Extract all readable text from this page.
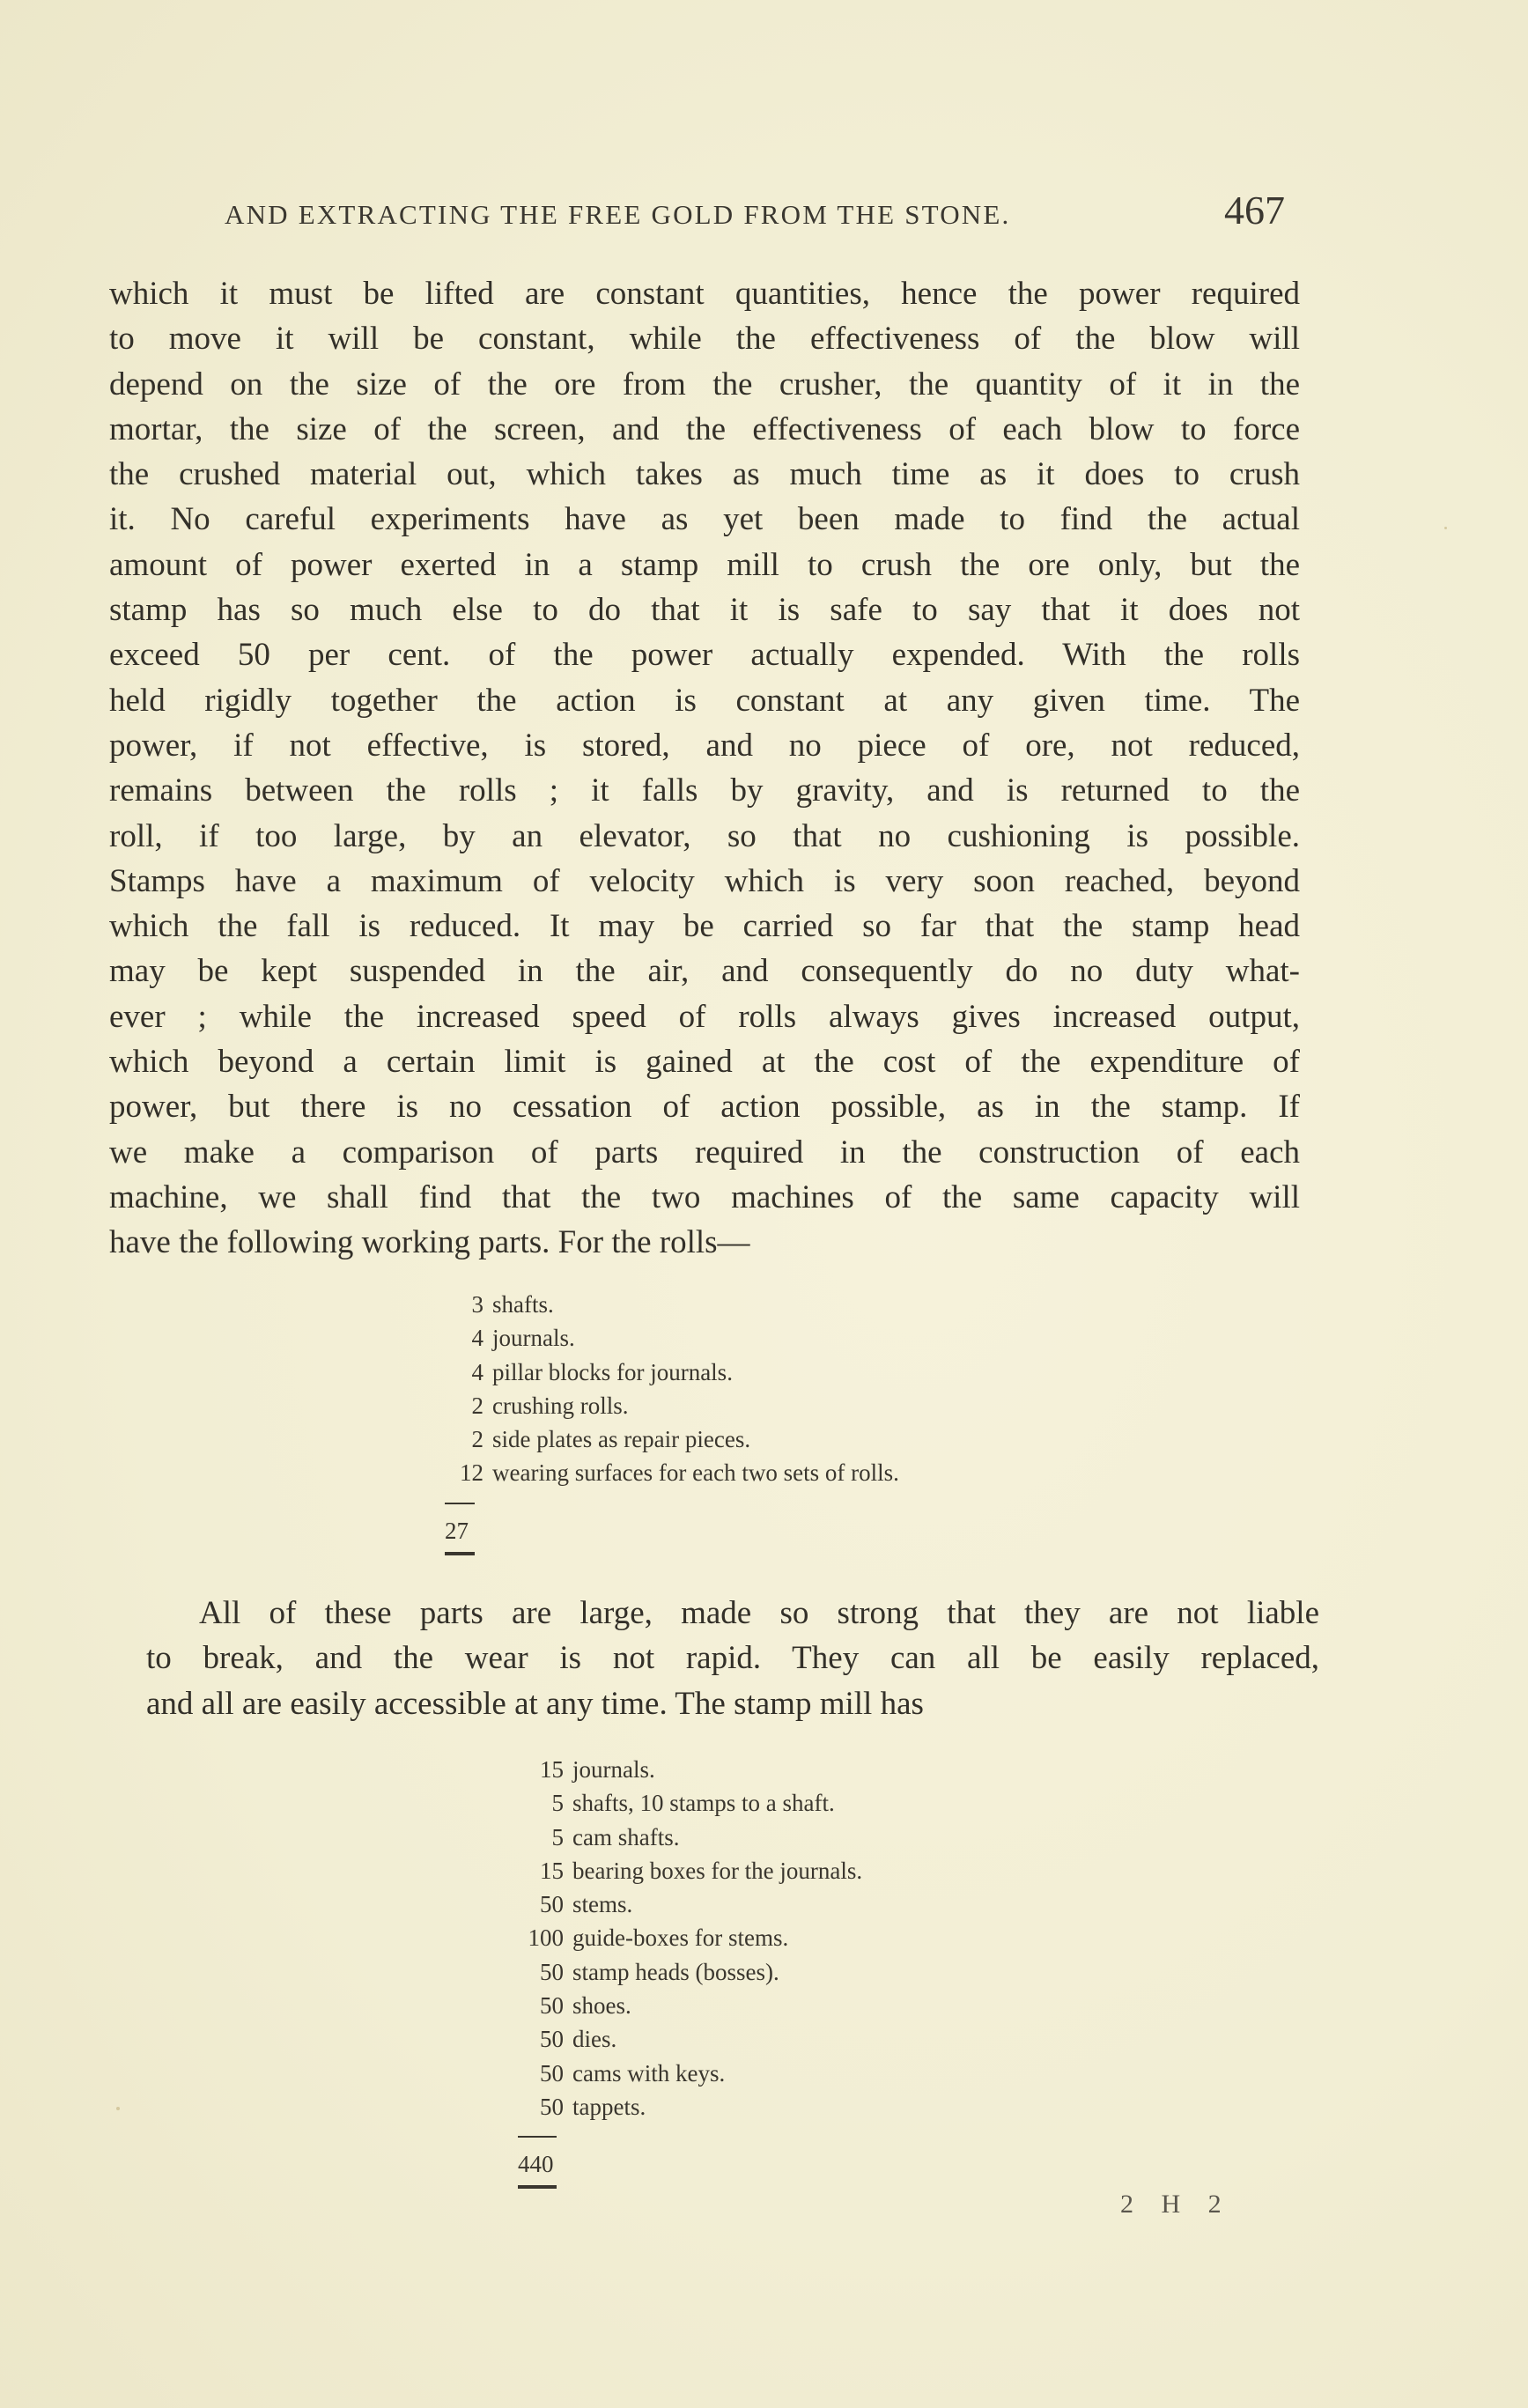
AND EXTRACTING THE FREE GOLD FROM THE STONE.	467
which it must be lifted are constant quantities, hence the power required
to move it will be constant, while the effectiveness of the blow will
depend on the size of the ore from the crusher, the quantity of it in the
mortar, the size of the screen, and the effectiveness of each blow to force
the crushed material out, which takes as much time as it does to crush
it. No careful experiments have as yet been made to find the actual
amount of power exerted in a stamp mill to crush the ore only, but the
stamp has so much else to do that it is safe to say that it does not
exceed 50 per cent. of the power actually expended. With the rolls
held rigidly together the action is constant at any given time. The
power, if not effective, is stored, and no piece of ore, not reduced,
remains between the rolls ; it falls by gravity, and is returned to the
roll, if too large, by an elevator, so that no cushioning is possible.
Stamps have a maximum of velocity which is very soon reached, beyond
which the fall is reduced. It may be carried so far that the stamp head
may be kept suspended in the air, and consequently do no duty what-
ever ; while the increased speed of rolls always gives increased output,
which beyond a certain limit is gained at the cost of the expenditure of
power, but there is no cessation of action possible, as in the stamp. If
we make a comparison of parts required in the construction of each
machine, we shall find that the two machines of the same capacity will
have the following working parts. For the rolls—
3 shafts.
4 journals.
4 pillar blocks for journals.
2 crushing rolls.
2 side plates as repair pieces.
12 wearing surfaces for each two sets of rolls.
27
All of these parts are large, made so strong that they are not liable
to break, and the wear is not rapid. They can all be easily replaced,
and all are easily accessible at any time. The stamp mill has
15 journals.
5 shafts, 10 stamps to a shaft.
5 cam shafts.
15 bearing boxes for the journals.
50 stems.
100 guide-boxes for stems.
50 stamp heads (bosses).
50 shoes.
50 dies.
50 cams with keys.
50 tappets.
440
2 H 2
